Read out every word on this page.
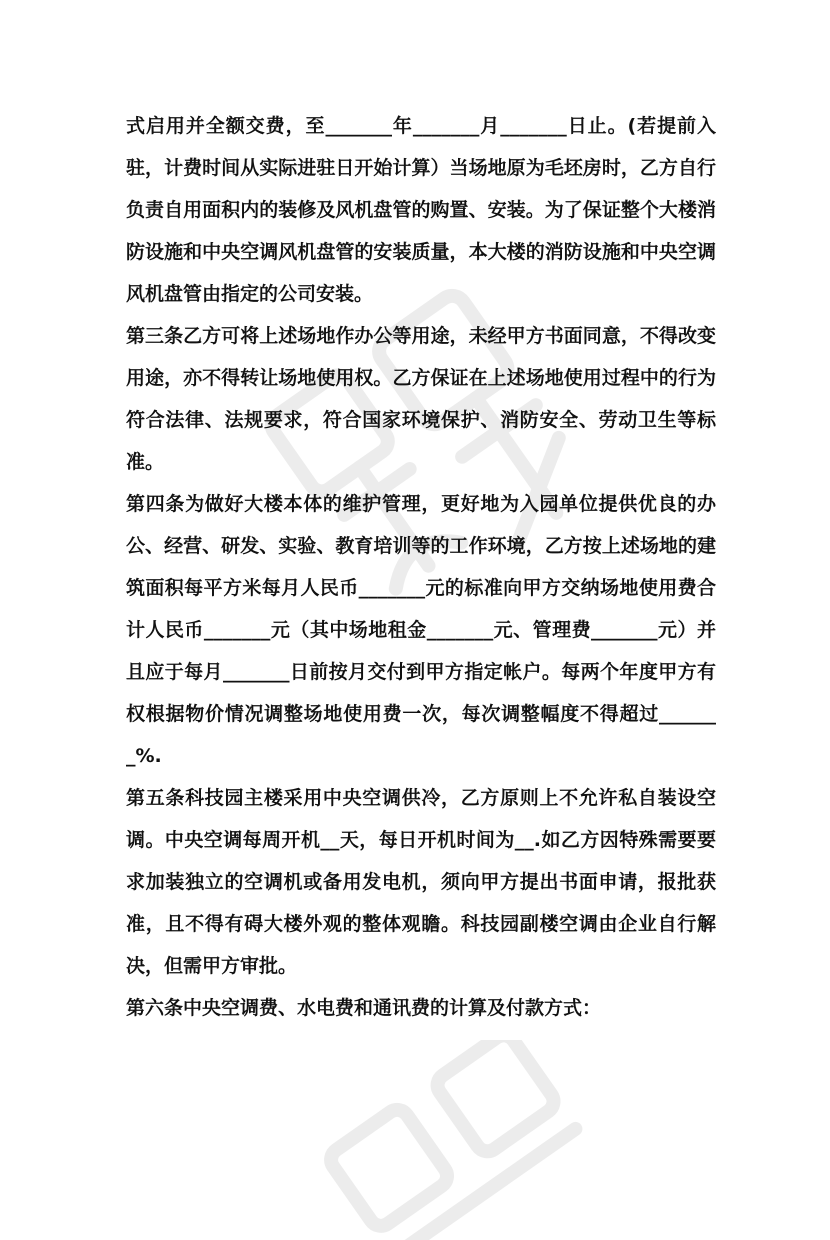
式启用并全额交费，至_______年_______月_______日止。(若提前入驻，计费时间从实际进驻日开始计算）当场地原为毛坯房时，乙方自行负责自用面积内的装修及风机盘管的购置、安装。为了保证整个大楼消防设施和中央空调风机盘管的安装质量，本大楼的消防设施和中央空调风机盘管由指定的公司安装。

第三条乙方可将上述场地作办公等用途，未经甲方书面同意，不得改变用途，亦不得转让场地使用权。乙方保证在上述场地使用过程中的行为符合法律、法规要求，符合国家环境保护、消防安全、劳动卫生等标准。

第四条为做好大楼本体的维护管理，更好地为入园单位提供优良的办公、经营、研发、实验、教育培训等的工作环境，乙方按上述场地的建筑面积每平方米每月人民币_______元的标准向甲方交纳场地使用费合计人民币_______元（其中场地租金_______元、管理费_______元）并且应于每月_______日前按月交付到甲方指定帐户。每两个年度甲方有权根据物价情况调整场地使用费一次，每次调整幅度不得超过_______%.

第五条科技园主楼采用中央空调供冷，乙方原则上不允许私自装设空调。中央空调每周开机__天，每日开机时间为__.如乙方因特殊需要要求加装独立的空调机或备用发电机，须向甲方提出书面申请，报批获准，且不得有碍大楼外观的整体观瞻。科技园副楼空调由企业自行解决，但需甲方审批。

第六条中央空调费、水电费和通讯费的计算及付款方式：
